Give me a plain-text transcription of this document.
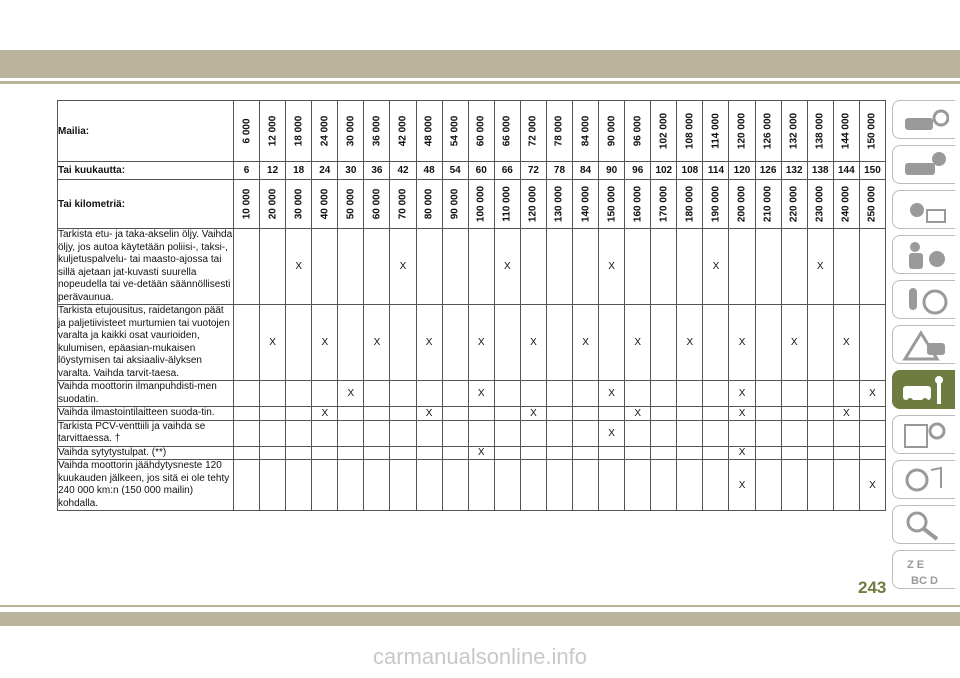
Mailia:	6 000	12 000	18 000	24 000	30 000	36 000	42 000	48 000	54 000	60 000	66 000	72 000	78 000	84 000	90 000	96 000	102 000	108 000	114 000	120 000	126 000	132 000	138 000	144 000	150 000

Tai kuukautta:	6	12	18	24	30	36	42	48	54	60	66	72	78	84	90	96	102	108	114	120	126	132	138	144	150
Tai kilometriä:	10 000	20 000	30 000	40 000	50 000	60 000	70 000	80 000	90 000	100 000	110 000	120 000	130 000	140 000	150 000	160 000	170 000	180 000	190 000	200 000	210 000	220 000	230 000	240 000	250 000

Tarkista etu- ja taka-akselin öljy. Vaihda öljy, jos autoa käytetään poliisi-, taksi-, kuljetuspalvelu- tai maasto-ajossa tai sillä ajetaan jat-kuvasti suurella nopeudella tai ve-detään säännöllisesti perävaunua.			X				X				X				X				X				X		
Tarkista etujousitus, raidetangon päät ja paljetiivisteet murtumien tai vuotojen varalta ja kaikki osat vaurioiden, kulumisen, epäasian-mukaisen löystymisen tai aksiaaliv-älyksen varalta. Vaihda tarvit-taesa.		X		X		X		X		X		X		X		X		X		X		X		X	
Vaihda moottorin ilmanpuhdisti-men suodatin.					X					X					X					X					X
Vaihda ilmastointilaitteen suoda-tin.				X				X				X				X				X				X	
Tarkista PCV-venttiili ja vaihda se tarvittaessa. †															X										
Vaihda sytytystulpat. (**)										X										X					
Vaihda moottorin jäähdytysneste 120 kuukauden jälkeen, jos sitä ei ole tehty 240 000 km:n (150 000 mailin) kohdalla.																				X					X
Z E
BC D
243
carmanualsonline.info
